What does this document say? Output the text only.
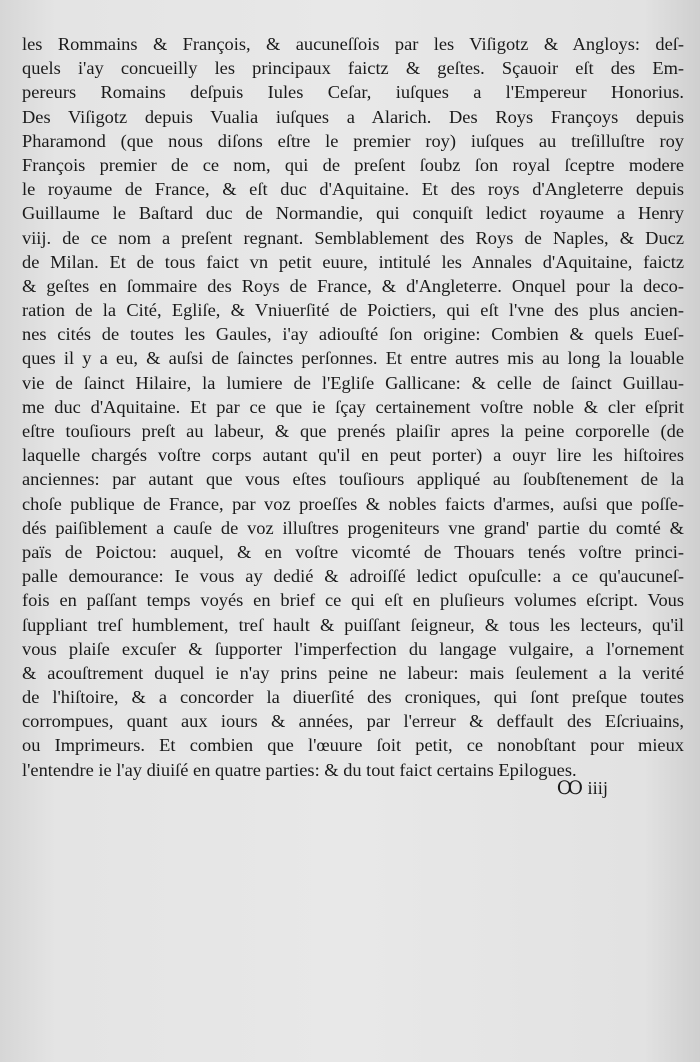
les Rommains & François, & aucuneſſois par les Viſigotz & Angloys: deſ-
quels i'ay concueilly les principaux faictz & geſtes. Sçauoir eſt des Em-
pereurs Romains deſpuis Iules Ceſar, iuſques a l'Empereur Honorius.
Des Viſigotz depuis Vualia iuſques a Alarich. Des Roys Françoys depuis
Pharamond (que nous diſons eſtre le premier roy) iuſques au treſilluſtre roy
François premier de ce nom, qui de preſent ſoubz ſon royal ſceptre modere
le royaume de France, & eſt duc d'Aquitaine. Et des roys d'Angleterre depuis
Guillaume le Baſtard duc de Normandie, qui conquiſt ledict royaume a Henry
viij. de ce nom a preſent regnant. Semblablement des Roys de Naples, & Ducz
de Milan. Et de tous faict vn petit euure, intitulé les Annales d'Aquitaine, faictz
& geſtes en ſommaire des Roys de France, & d'Angleterre. Onquel pour la deco-
ration de la Cité, Egliſe, & Vniuerſité de Poictiers, qui eſt l'vne des plus ancien-
nes cités de toutes les Gaules, i'ay adiouſté ſon origine: Combien & quels Eueſ-
ques il y a eu, & auſsi de ſainctes perſonnes. Et entre autres mis au long la louable
vie de ſainct Hilaire, la lumiere de l'Egliſe Gallicane: & celle de ſainct Guillau-
me duc d'Aquitaine. Et par ce que ie ſçay certainement voſtre noble & cler eſprit
eſtre touſiours preſt au labeur, & que prenés plaiſir apres la peine corporelle (de
laquelle chargés voſtre corps autant qu'il en peut porter) a ouyr lire les hiſtoires
anciennes: par autant que vous eſtes touſiours appliqué au ſoubſtenement de la
choſe publique de France, par voz proeſſes & nobles faicts d'armes, auſsi que poſſe-
dés paiſiblement a cauſe de voz illuſtres progeniteurs vne grand' partie du comté &
païs de Poictou: auquel, & en voſtre vicomté de Thouars tenés voſtre princi-
palle demourance: Ie vous ay dedié & adroiſſé ledict opuſculle: a ce qu'aucuneſ-
fois en paſſant temps voyés en brief ce qui eſt en pluſieurs volumes eſcript. Vous
ſuppliant treſ humblement, treſ hault & puiſſant ſeigneur, & tous les lecteurs, qu'il
vous plaiſe excuſer & ſupporter l'imperfection du langage vulgaire, a l'ornement
& acouſtrement duquel ie n'ay prins peine ne labeur: mais ſeulement a la verité
de l'hiſtoire, & a concorder la diuerſité des croniques, qui ſont preſque toutes
corrompues, quant aux iours & années, par l'erreur & deffault des Eſcriuains,
ou Imprimeurs. Et combien que l'œuure ſoit petit, ce nonobſtant pour mieux
l'entendre ie l'ay diuiſé en quatre parties: & du tout faict certains Epilogues.
Ꝏ iiij
